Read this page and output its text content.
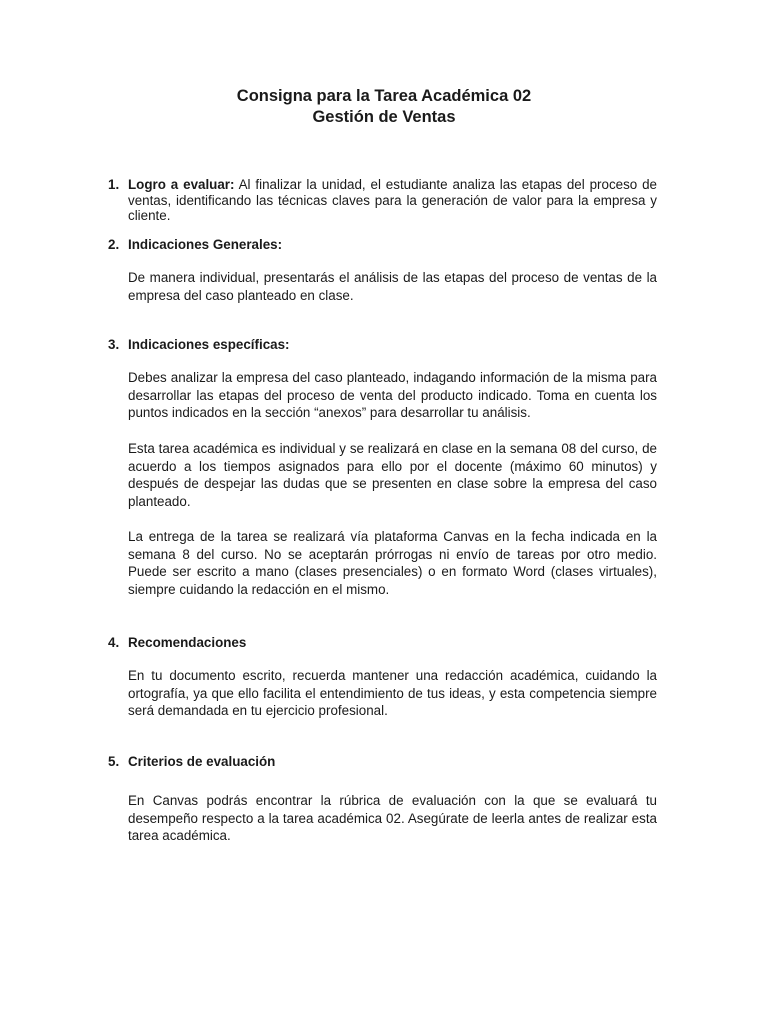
Consigna para la Tarea Académica 02
Gestión de Ventas
1. Logro a evaluar: Al finalizar la unidad, el estudiante analiza las etapas del proceso de ventas, identificando las técnicas claves para la generación de valor para la empresa y cliente.
2. Indicaciones Generales:
De manera individual, presentarás el análisis de las etapas del proceso de ventas de la empresa del caso planteado en clase.
3. Indicaciones específicas:
Debes analizar la empresa del caso planteado, indagando información de la misma para desarrollar las etapas del proceso de venta del producto indicado. Toma en cuenta los puntos indicados en la sección “anexos” para desarrollar tu análisis.
Esta tarea académica es individual y se realizará en clase en la semana 08 del curso, de acuerdo a los tiempos asignados para ello por el docente (máximo 60 minutos) y después de despejar las dudas que se presenten en clase sobre la empresa del caso planteado.
La entrega de la tarea se realizará vía plataforma Canvas en la fecha indicada en la semana 8 del curso. No se aceptarán prórrogas ni envío de tareas por otro medio. Puede ser escrito a mano (clases presenciales) o en formato Word (clases virtuales), siempre cuidando la redacción en el mismo.
4. Recomendaciones
En tu documento escrito, recuerda mantener una redacción académica, cuidando la ortografía, ya que ello facilita el entendimiento de tus ideas, y esta competencia siempre será demandada en tu ejercicio profesional.
5. Criterios de evaluación
En Canvas podrás encontrar la rúbrica de evaluación con la que se evaluará tu desempeño respecto a la tarea académica 02. Asegúrate de leerla antes de realizar esta tarea académica.
